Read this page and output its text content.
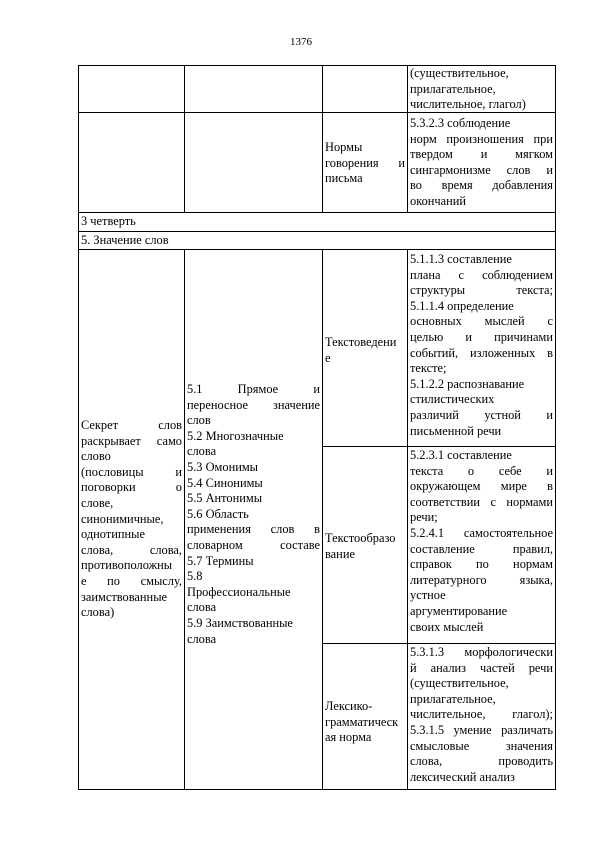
1376
(существительное,
прилагательное,
числительное, глагол)
Нормы
говорения и
письма
5.3.2.3 соблюдение
норм произношения при
твердом и мягком
сингармонизме слов и
во время добавления
окончаний
3 четверть
5. Значение слов
Секрет слов
раскрывает само
слово
(пословицы и
поговорки о
слове,
синонимичные,
однотипные
слова, слова,
противоположны
е по смыслу,
заимствованные
слова)
5.1 Прямое и
переносное значение
слов
5.2 Многозначные
слова
5.3 Омонимы
5.4 Синонимы
5.5 Антонимы
5.6 Область
применения слов в
словарном составе
5.7 Термины
5.8
Профессиональные
слова
5.9 Заимствованные
слова
Текстоведени
е
5.1.1.3 составление
плана с соблюдением
структуры текста;
5.1.1.4 определение
основных мыслей с
целью и причинами
событий, изложенных в
тексте;
5.1.2.2 распознавание
стилистических
различий устной и
письменной речи
Текстообразо
вание
5.2.3.1 составление
текста о себе и
окружающем мире в
соответствии с нормами
речи;
5.2.4.1 самостоятельное
составление правил,
справок по нормам
литературного языка,
устное
аргументирование
своих мыслей
Лексико-
грамматическ
ая норма
5.3.1.3 морфологически
й анализ частей речи
(существительное,
прилагательное,
числительное, глагол);
5.3.1.5 умение различать
смысловые значения
слова, проводить
лексический анализ
